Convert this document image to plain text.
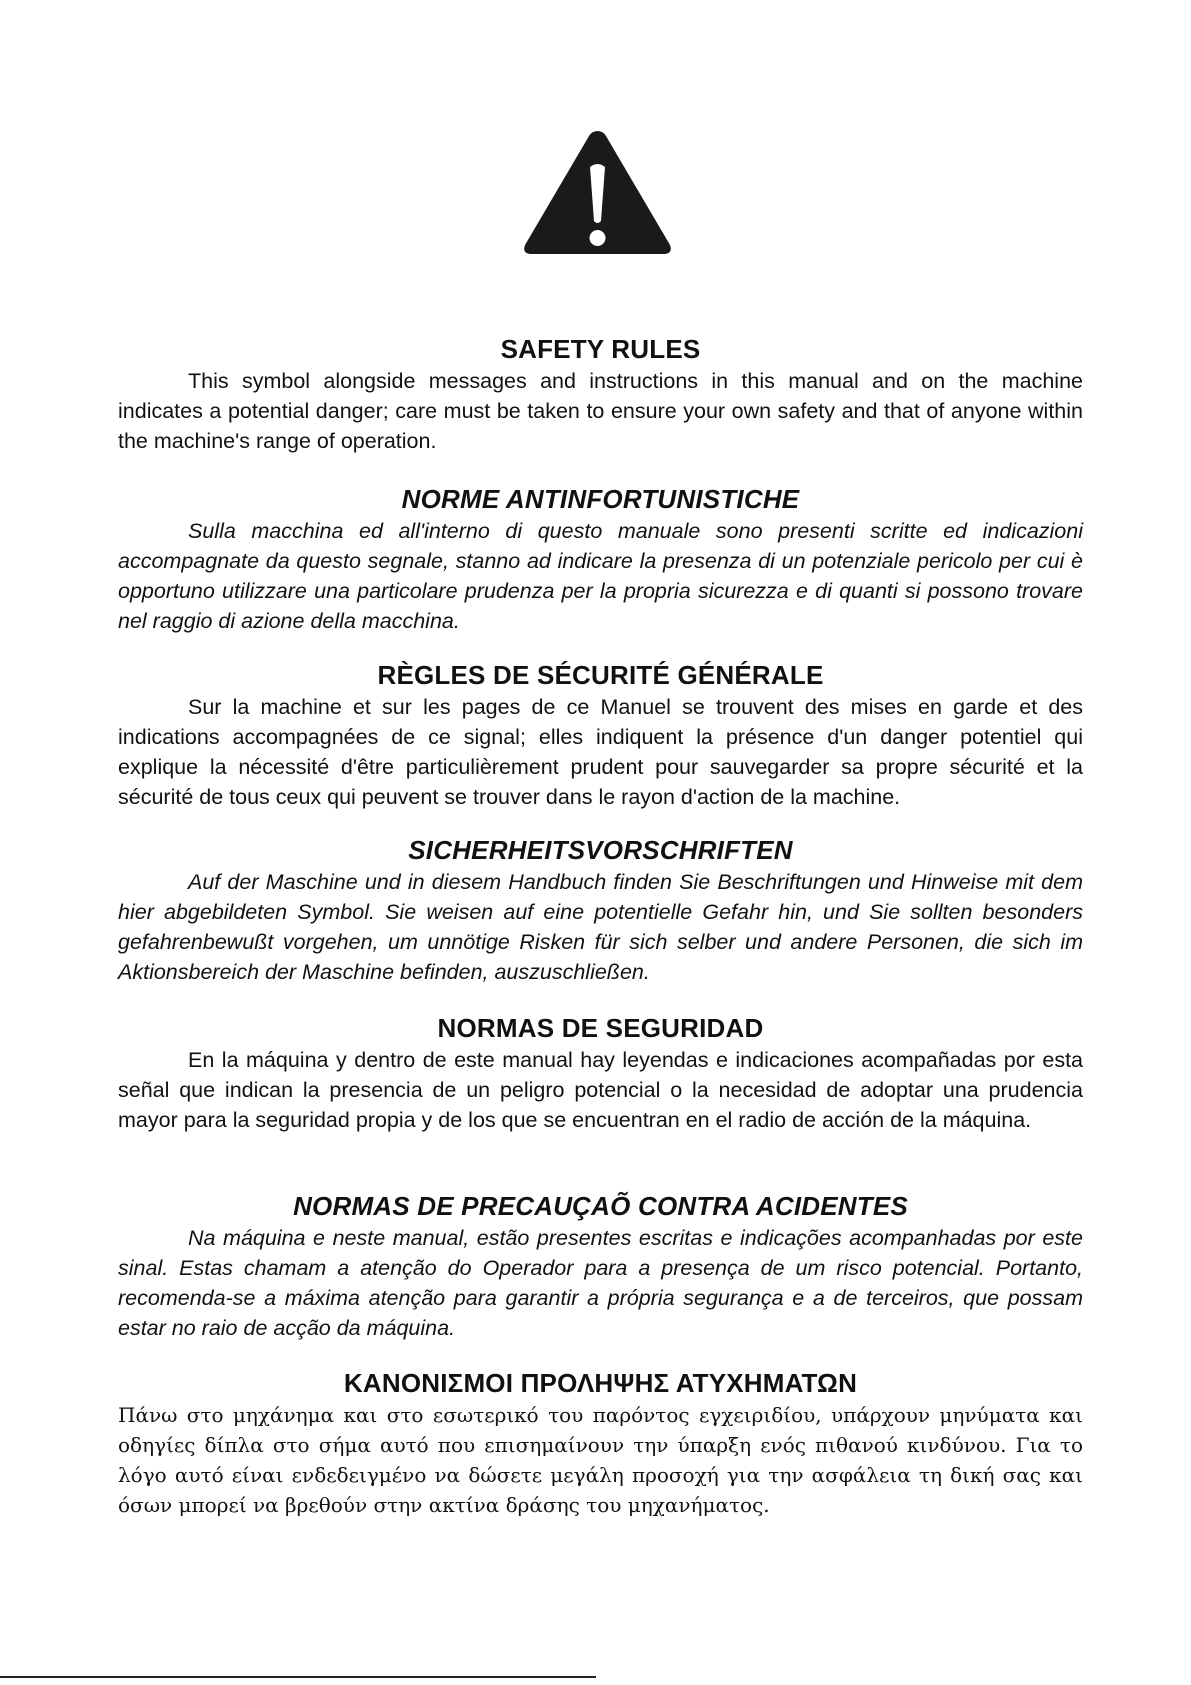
SAFETY RULES

This symbol alongside messages and instructions in this manual and on the machine indicates a potential danger; care must be taken to ensure your own safety and that of anyone within the machine's range of operation.

NORME ANTINFORTUNISTICHE

Sulla macchina ed all'interno di questo manuale sono presenti scritte ed indicazioni accompagnate da questo segnale, stanno ad indicare la presenza di un potenziale pericolo per cui è opportuno utilizzare una particolare prudenza per la propria sicurezza e di quanti si possono trovare nel raggio di azione della macchina.

RÈGLES DE SÉCURITÉ GÉNÉRALE

Sur la machine et sur les pages de ce Manuel se trouvent des mises en garde et des indications accompagnées de ce signal; elles indiquent la présence d'un danger potentiel qui explique la nécessité d'être particulièrement prudent pour sauvegarder sa propre sécurité et la sécurité de tous ceux qui peuvent se trouver dans le rayon d'action de la machine.

SICHERHEITSVORSCHRIFTEN

Auf der Maschine und in diesem Handbuch finden Sie Beschriftungen und Hinweise mit dem hier abgebildeten Symbol. Sie weisen auf eine potentielle Gefahr hin, und Sie sollten besonders gefahrenbewußt vorgehen, um unnötige Risken für sich selber und andere Personen, die sich im Aktionsbereich der Maschine befinden, auszuschließen.

NORMAS DE SEGURIDAD

En la máquina y dentro de este manual hay leyendas e indicaciones acompañadas por esta señal que indican la presencia de un peligro potencial o la necesidad de adoptar una prudencia mayor para la seguridad propia y de los que se encuentran en el radio de acción de la máquina.

NORMAS DE PRECAUÇAÕ CONTRA ACIDENTES

Na máquina e neste manual, estão presentes escritas e indicações acompanhadas por este sinal. Estas chamam a atenção do Operador para a presença de um risco potencial. Portanto, recomenda-se a máxima atenção para garantir a própria segurança e a de terceiros, que possam estar no raio de acção da máquina.

ΚΑΝΟΝΙΣΜΟΙ ΠΡΟΛΗΨΗΣ ΑΤΥΧΗΜΑΤΩΝ

Πάνω στο μηχάνημα και στο εσωτερικό του παρόντος εγχειριδίου, υπάρχουν μηνύματα και οδηγίες δίπλα στο σήμα αυτό που επισημαίνουν την ύπαρξη ενός πιθανού κινδύνου. Για το λόγο αυτό είναι ενδεδειγμένο να δώσετε μεγάλη προσοχή για την ασφάλεια τη δική σας και όσων μπορεί να βρεθούν στην ακτίνα δράσης του μηχανήματος.
